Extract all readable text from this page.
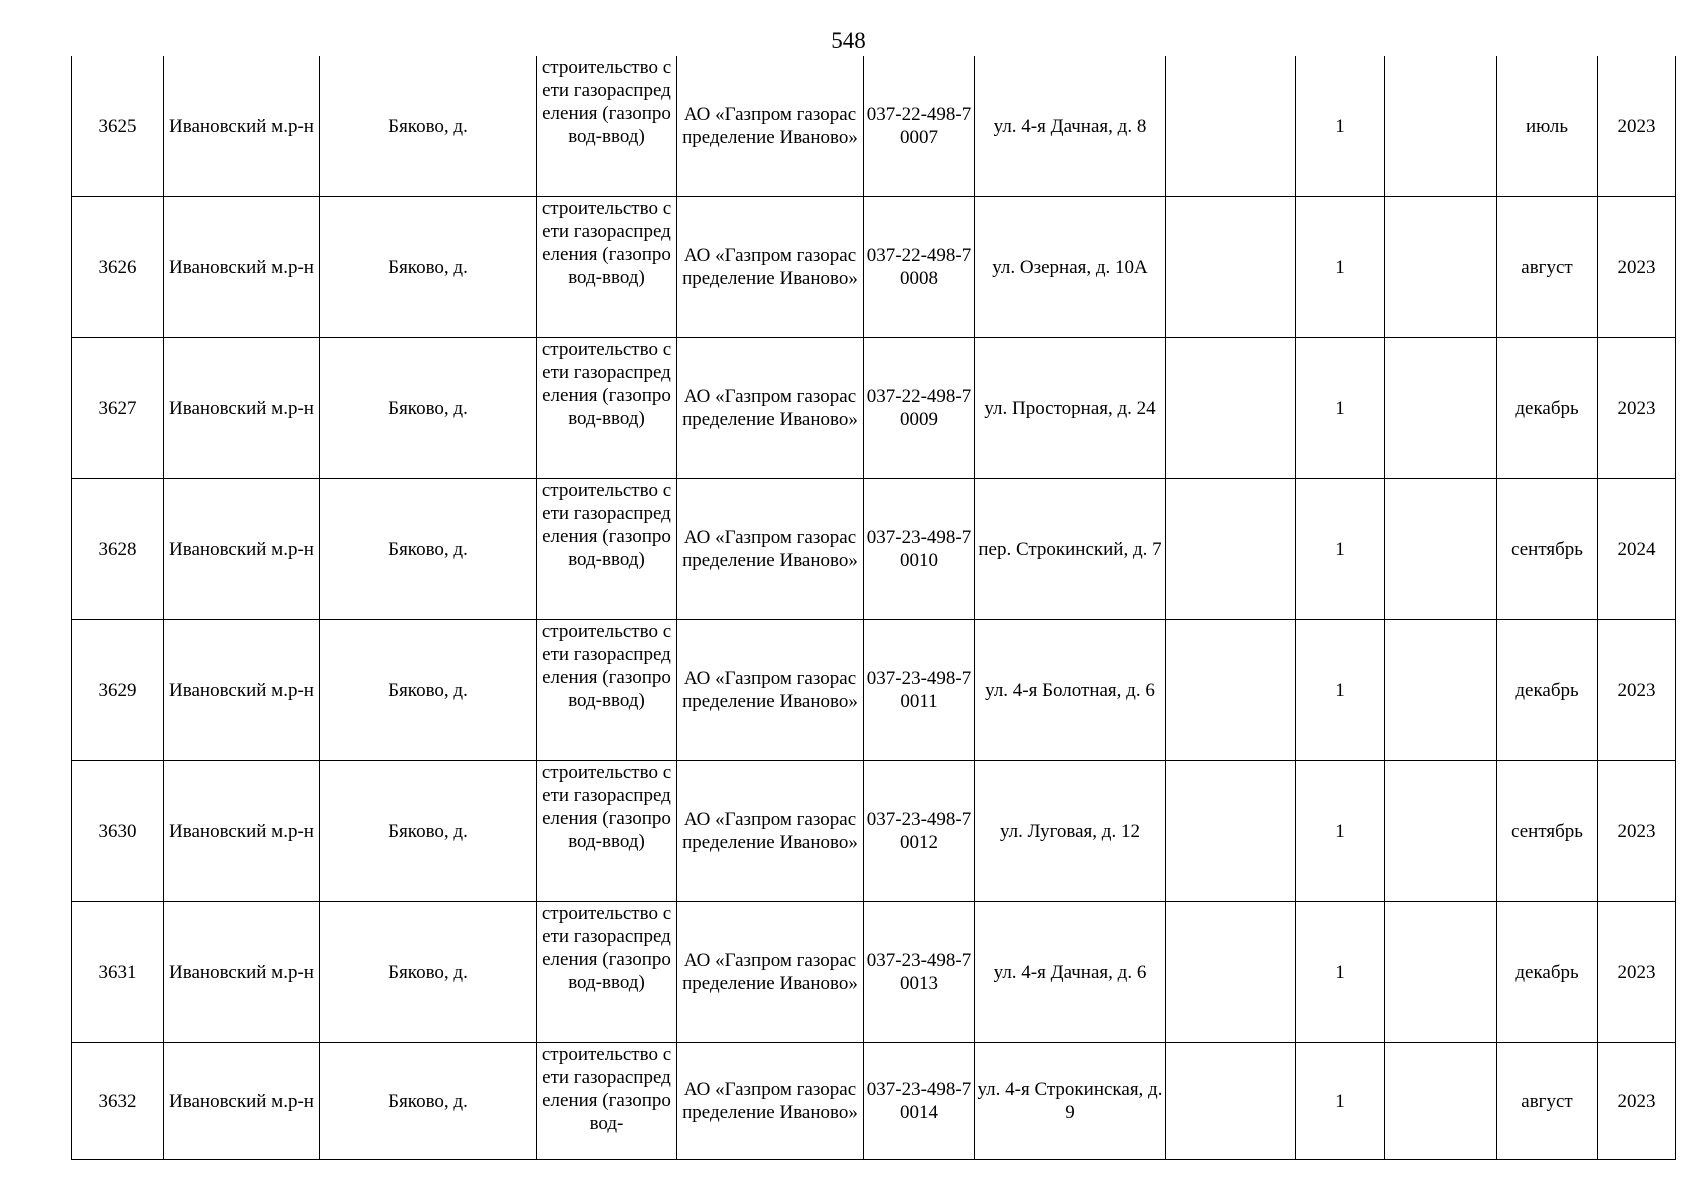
548
3625	Ивановский м.р-н	Бяково, д.	строительство сети газораспределения (газопровод-ввод)	АО «Газпром газораспределение Иваново»	037-22-498-70007	ул. 4-я Дачная, д. 8		1		июль	2023
3626	Ивановский м.р-н	Бяково, д.	строительство сети газораспределения (газопровод-ввод)	АО «Газпром газораспределение Иваново»	037-22-498-70008	ул. Озерная, д. 10А		1		август	2023
3627	Ивановский м.р-н	Бяково, д.	строительство сети газораспределения (газопровод-ввод)	АО «Газпром газораспределение Иваново»	037-22-498-70009	ул. Просторная, д. 24		1		декабрь	2023
3628	Ивановский м.р-н	Бяково, д.	строительство сети газораспределения (газопровод-ввод)	АО «Газпром газораспределение Иваново»	037-23-498-70010	пер. Строкинский, д. 7		1		сентябрь	2024
3629	Ивановский м.р-н	Бяково, д.	строительство сети газораспределения (газопровод-ввод)	АО «Газпром газораспределение Иваново»	037-23-498-70011	ул. 4-я Болотная, д. 6		1		декабрь	2023
3630	Ивановский м.р-н	Бяково, д.	строительство сети газораспределения (газопровод-ввод)	АО «Газпром газораспределение Иваново»	037-23-498-70012	ул. Луговая, д. 12		1		сентябрь	2023
3631	Ивановский м.р-н	Бяково, д.	строительство сети газораспределения (газопровод-ввод)	АО «Газпром газораспределение Иваново»	037-23-498-70013	ул. 4-я Дачная, д. 6		1		декабрь	2023
3632	Ивановский м.р-н	Бяково, д.	строительство сети газораспределения (газопровод-	АО «Газпром газораспределение Иваново»	037-23-498-70014	ул. 4-я Строкинская, д. 9		1		август	2023
